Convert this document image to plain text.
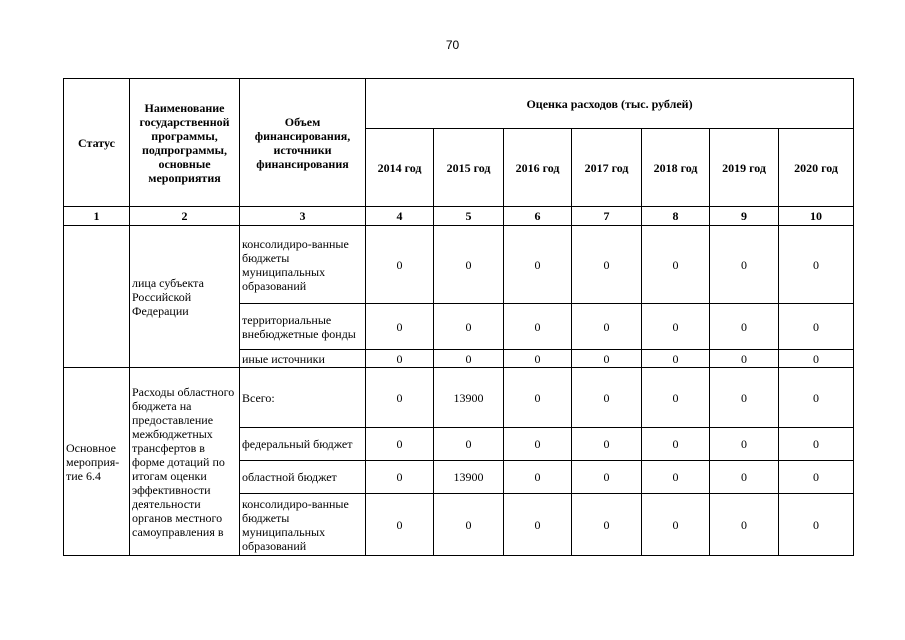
70
Статус	Наименование государственной программы, подпрограммы, основные мероприятия	Объем финансирования, источники финансирования	Оценка расходов (тыс. рублей)						
			2014 год	2015 год	2016 год	2017 год	2018 год	2019 год	2020 год
1	2	3	4	5	6	7	8	9	10
	лица субъекта Российской Федерации	консолидиро-ванные бюджеты муниципальных образований	0	0	0	0	0	0	0
		территориальные внебюджетные фонды	0	0	0	0	0	0	0
		иные источники	0	0	0	0	0	0	0
Основное мероприя-тие 6.4	Расходы областного бюджета на предоставление межбюджетных трансфертов в форме дотаций по итогам оценки эффективности деятельности органов местного самоуправления в	Всего:	0	13900	0	0	0	0	0
		федеральный бюджет	0	0	0	0	0	0	0
		областной бюджет	0	13900	0	0	0	0	0
		консолидиро-ванные бюджеты муниципальных образований	0	0	0	0	0	0	0
